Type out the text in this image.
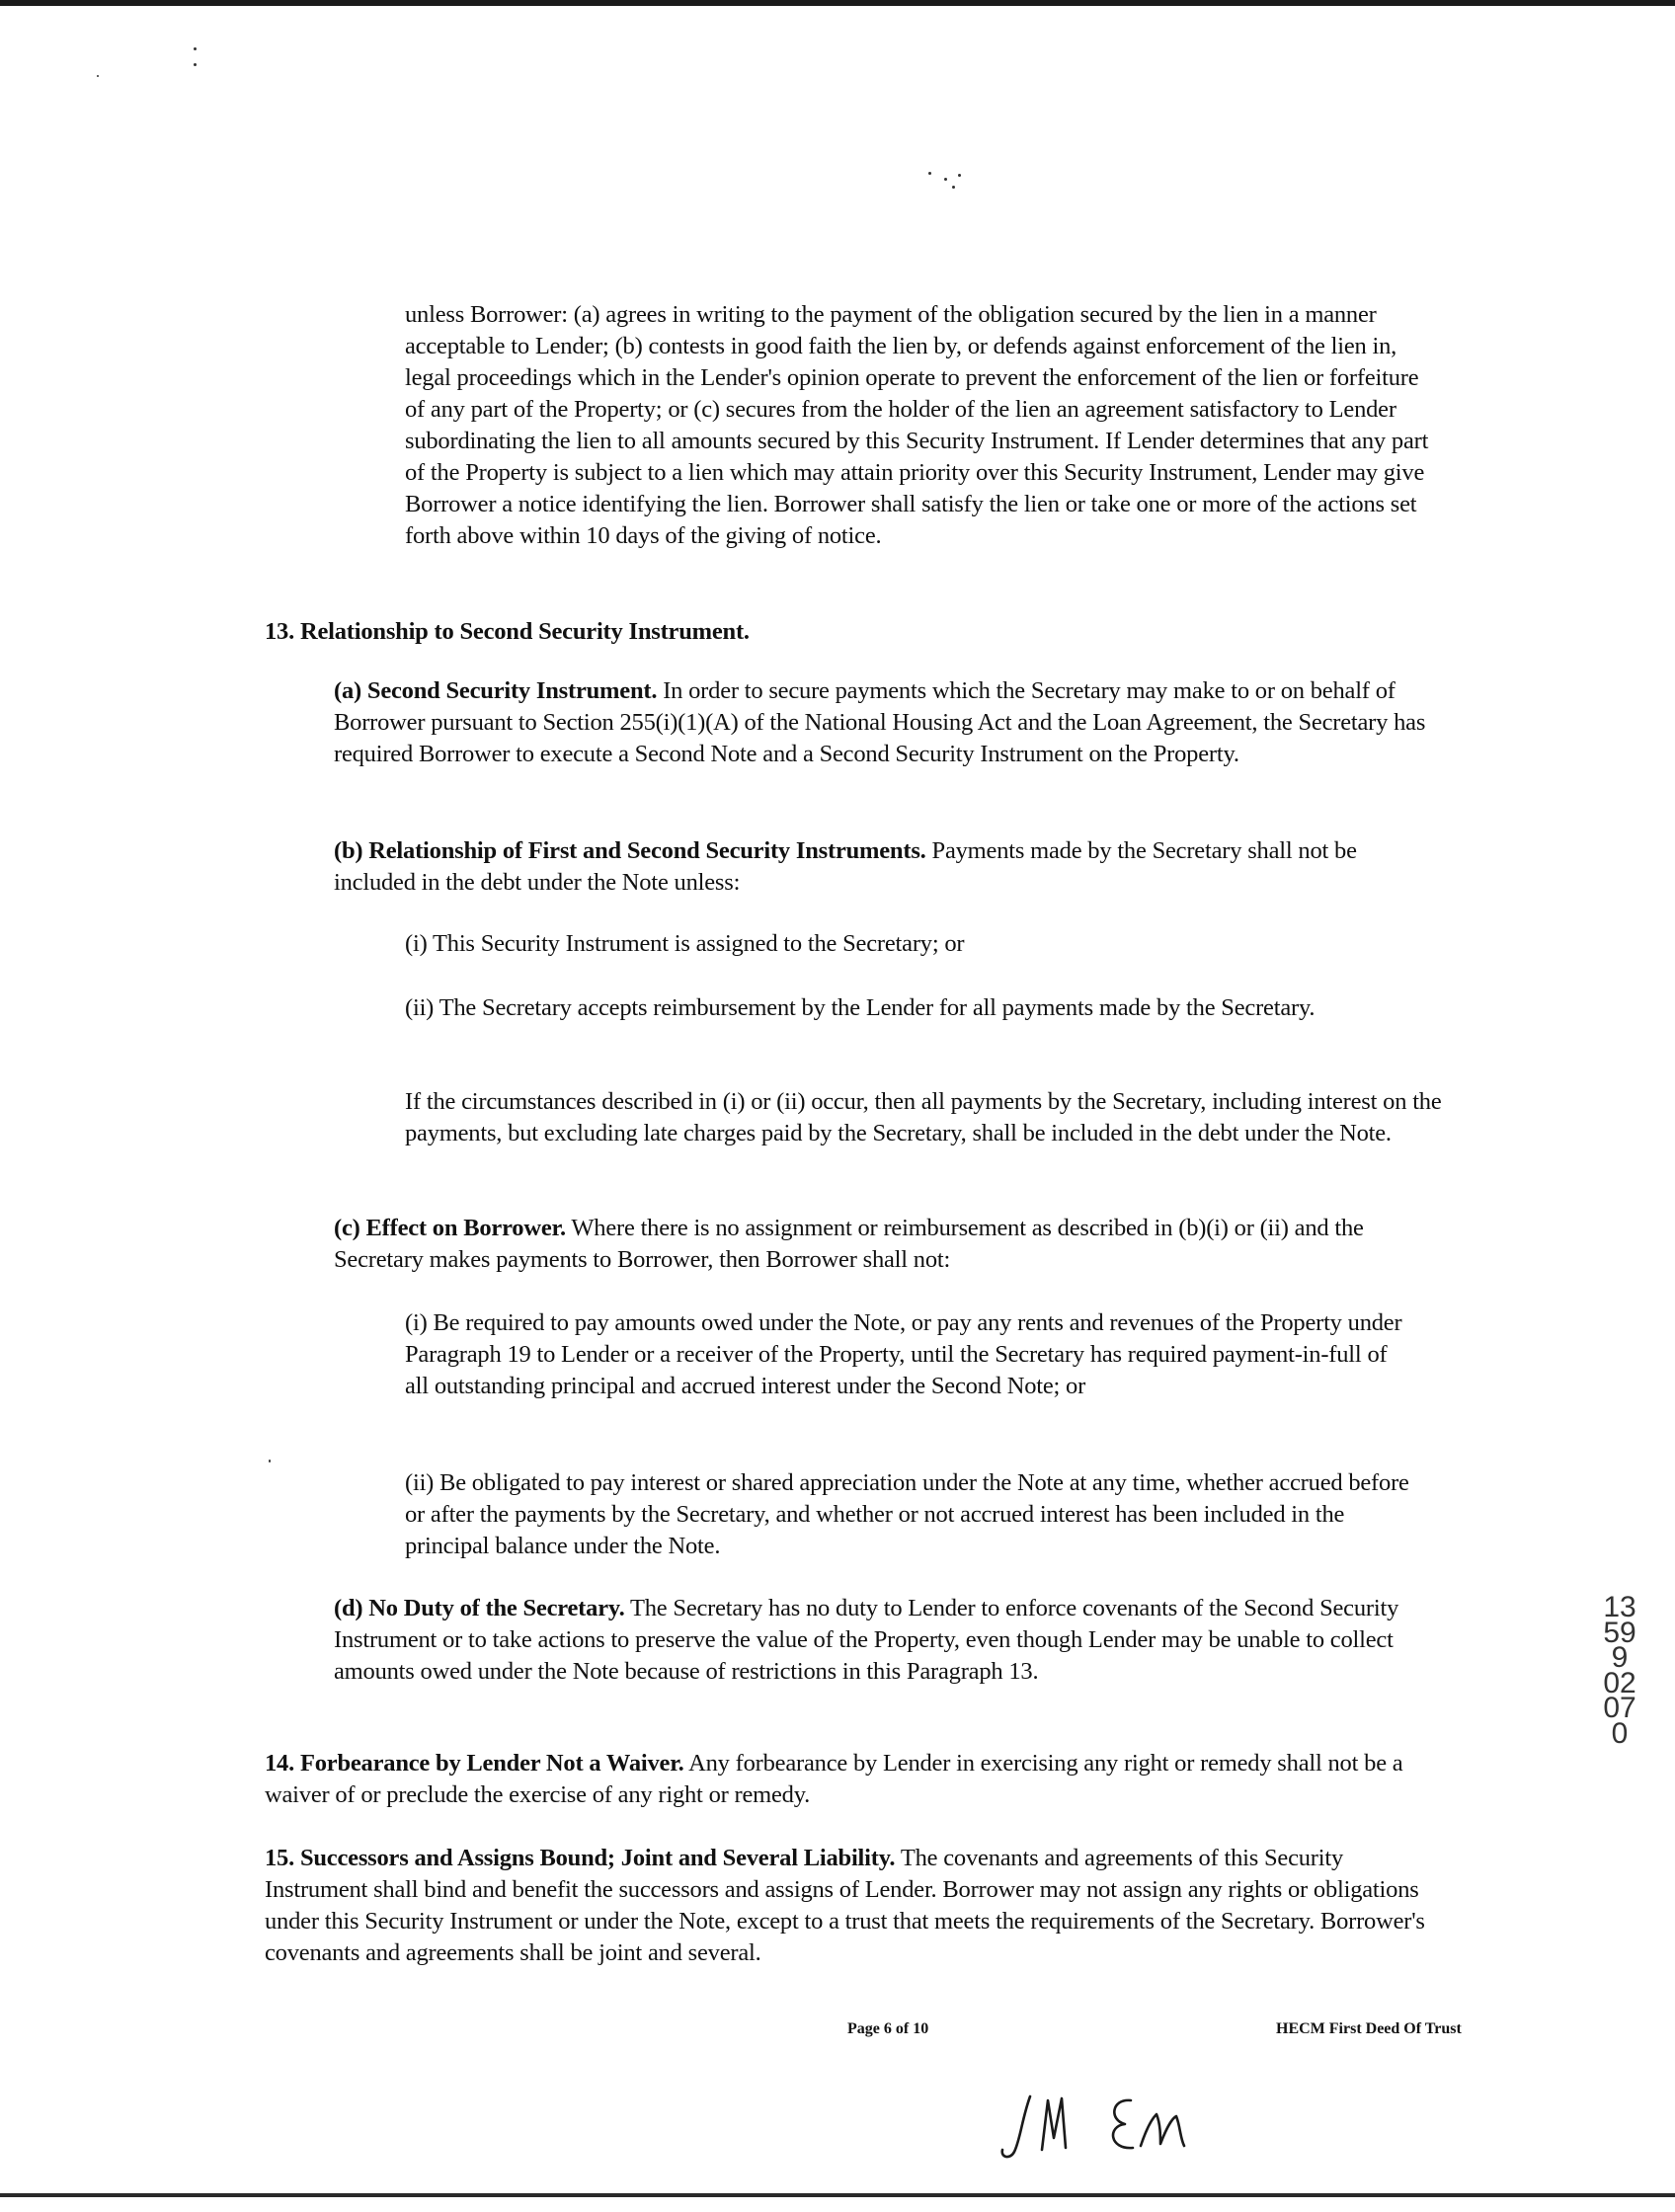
unless Borrower: (a) agrees in writing to the payment of the obligation secured by the lien in a manner acceptable to Lender; (b) contests in good faith the lien by, or defends against enforcement of the lien in, legal proceedings which in the Lender's opinion operate to prevent the enforcement of the lien or forfeiture of any part of the Property; or (c) secures from the holder of the lien an agreement satisfactory to Lender subordinating the lien to all amounts secured by this Security Instrument. If Lender determines that any part of the Property is subject to a lien which may attain priority over this Security Instrument, Lender may give Borrower a notice identifying the lien. Borrower shall satisfy the lien or take one or more of the actions set forth above within 10 days of the giving of notice.
13. Relationship to Second Security Instrument.
(a) Second Security Instrument. In order to secure payments which the Secretary may make to or on behalf of Borrower pursuant to Section 255(i)(1)(A) of the National Housing Act and the Loan Agreement, the Secretary has required Borrower to execute a Second Note and a Second Security Instrument on the Property.
(b) Relationship of First and Second Security Instruments. Payments made by the Secretary shall not be included in the debt under the Note unless:
(i) This Security Instrument is assigned to the Secretary; or
(ii) The Secretary accepts reimbursement by the Lender for all payments made by the Secretary.
If the circumstances described in (i) or (ii) occur, then all payments by the Secretary, including interest on the payments, but excluding late charges paid by the Secretary, shall be included in the debt under the Note.
(c) Effect on Borrower. Where there is no assignment or reimbursement as described in (b)(i) or (ii) and the Secretary makes payments to Borrower, then Borrower shall not:
(i) Be required to pay amounts owed under the Note, or pay any rents and revenues of the Property under Paragraph 19 to Lender or a receiver of the Property, until the Secretary has required payment-in-full of all outstanding principal and accrued interest under the Second Note; or
(ii) Be obligated to pay interest or shared appreciation under the Note at any time, whether accrued before or after the payments by the Secretary, and whether or not accrued interest has been included in the principal balance under the Note.
(d) No Duty of the Secretary. The Secretary has no duty to Lender to enforce covenants of the Second Security Instrument or to take actions to preserve the value of the Property, even though Lender may be unable to collect amounts owed under the Note because of restrictions in this Paragraph 13.
14. Forbearance by Lender Not a Waiver. Any forbearance by Lender in exercising any right or remedy shall not be a waiver of or preclude the exercise of any right or remedy.
15. Successors and Assigns Bound; Joint and Several Liability. The covenants and agreements of this Security Instrument shall bind and benefit the successors and assigns of Lender. Borrower may not assign any rights or obligations under this Security Instrument or under the Note, except to a trust that meets the requirements of the Secretary. Borrower's covenants and agreements shall be joint and several.
13599 0207 0
Page 6 of 10	HECM First Deed Of Trust
